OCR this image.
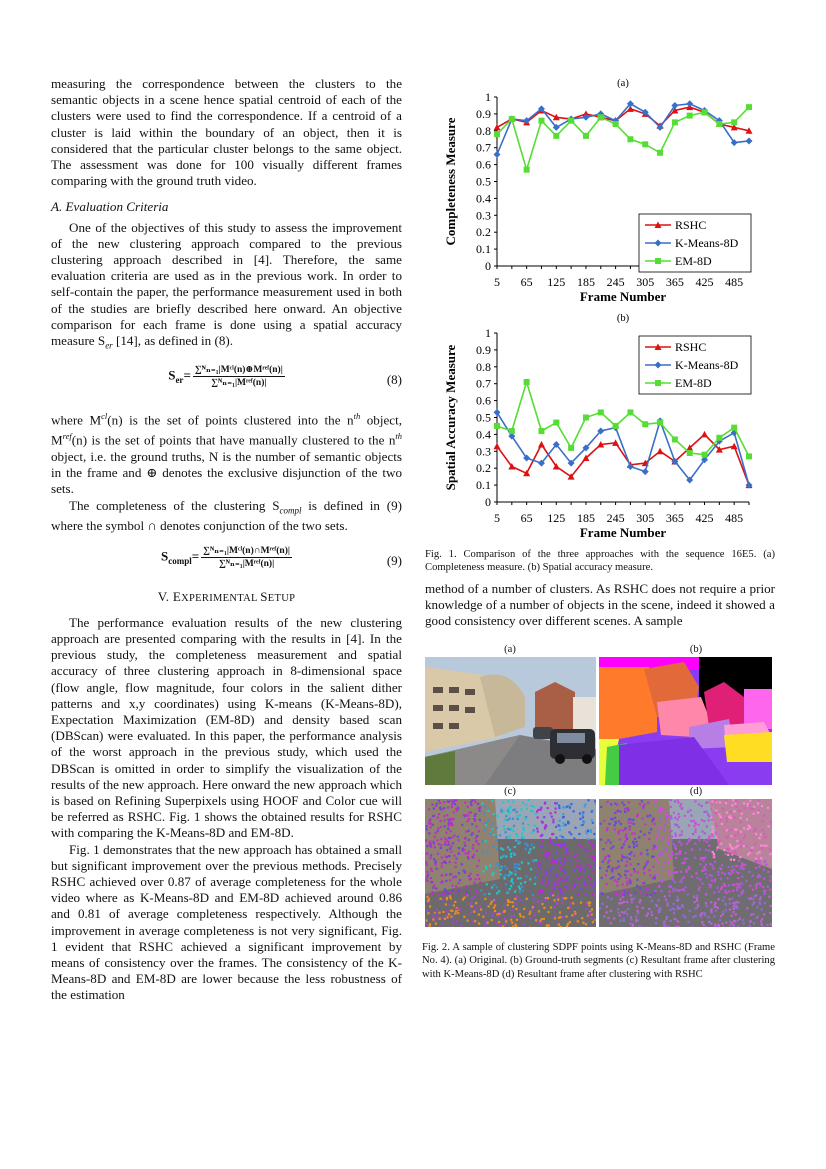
measuring the correspondence between the clusters to the semantic objects in a scene hence spatial centroid of each of the clusters were used to find the correspondence. If a centroid of a cluster is laid within the boundary of an object, then it is considered that the particular cluster belongs to the same object. The assessment was done for 100 visually different frames comparing with the ground truth video.

A. Evaluation Criteria

One of the objectives of this study to assess the improvement of the new clustering approach compared to the previous clustering approach described in [4]. Therefore, the same evaluation criteria are used as in the previous work. In order to self-contain the paper, the performance measurement used in both of the studies are briefly described here onward. An objective comparison for each frame is done using a spatial accuracy measure $S_{er}$ [14], as defined in (8).

$S_{er}= \frac{\text{∑ᴺₙ₌₁|Mᶜˡ(n)⊕Mʳᵉᶠ(n)|}}{\text{∑ᴺₙ₌₁|Mʳᵉᶠ(n)|}}$	(8)

where $M^{cl}(n)$ is the set of points clustered into the $n^{th}$ object, $M^{ref}(n)$ is the set of points that have manually clustered to the $n^{th}$ object, i.e. the ground truths, N is the number of semantic objects in the frame and ⊕ denotes the exclusive disjunction of the two sets.

The completeness of the clustering $S_{compl}$ is defined in (9) where the symbol ∩ denotes conjunction of the two sets.

$S_{compl}= \frac{\text{∑ᴺₙ₌₁|Mᶜˡ(n)∩Mʳᵉᶠ(n)|}}{\text{∑ᴺₙ₌₁|Mʳᵉᶠ(n)|}}$	(9)
V. EXPERIMENTAL SETUP

The performance evaluation results of the new clustering approach are presented comparing with the results in [4]. In the previous study, the completeness measurement and spatial accuracy of three clustering approach in 8-dimensional space (flow angle, flow magnitude, four colors in the salient dither patterns and x,y coordinates) using K-means (K-Means-8D), Expectation Maximization (EM-8D) and density based scan (DBScan) were evaluated. In this paper, the performance analysis of the worst approach in the previous study, which used the DBScan is omitted in order to simplify the visualization of the results of the new approach. Here onward the new approach which is based on Refining Superpixels using HOOF and Color cue will be referred as RSHC. Fig. 1 shows the obtained results for RSHC with comparing the K-Means-8D and EM-8D.

Fig. 1 demonstrates that the new approach has obtained a small but significant improvement over the previous methods. Precisely RSHC achieved over 0.87 of average completeness for the whole video where as K-Means-8D and EM-8D achieved around 0.86 and 0.81 of average completeness respectively. Although the improvement in average completeness is not very significant, Fig. 1 evident that RSHC achieved a significant improvement by means of consistency over the frames. The consistency of the K-Means-8D and EM-8D are lower because the less robustness of the estimation

(a)
0
0.1
0.2
0.3
0.4
0.5
0.6
0.7
0.8
0.9
1
5 65 125 185 245 305 365 425 485
Frame Number
Completeness Measure	RSHC
K-Means-8D
EM-8D
(b)
0
0.1
0.2
0.3
0.4
0.5
0.6
0.7
0.8
0.9
1
5 65 125 185 245 305 365 425 485
Frame Number
Spatial Accuracy Measure	RSHC
K-Means-8D
EM-8D
Fig. 1. Comparison of the three approaches with the sequence 16E5. (a) Completeness measure. (b) Spatial accuracy measure.
method of a number of clusters. As RSHC does not require a prior knowledge of a number of objects in the scene, indeed it showed a good consistency over different scenes. A sample
(a)	(b)
(c)	(d)
Fig. 2. A sample of clustering SDPF points using K-Means-8D and RSHC (Frame No. 4). (a) Original. (b) Ground-truth segments (c) Resultant frame after clustering with K-Means-8D (d) Resultant frame after clustering with RSHC
